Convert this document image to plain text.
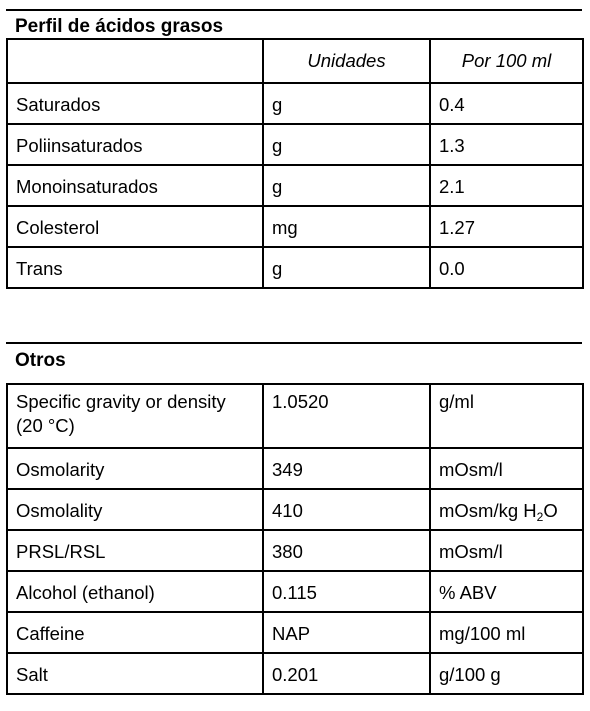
Perfil de ácidos grasos
	Unidades	Por 100 ml
Saturados	g	0.4
Poliinsaturados	g	1.3
Monoinsaturados	g	2.1
Colesterol	mg	1.27
Trans	g	0.0
Otros
Specific gravity or density (20 °C)	1.0520	g/ml
Osmolarity	349	mOsm/l
Osmolality	410	mOsm/kg $H_2O$
PRSL/RSL	380	mOsm/l
Alcohol (ethanol)	0.115	% ABV
Caffeine	NAP	mg/100 ml
Salt	0.201	g/100 g
